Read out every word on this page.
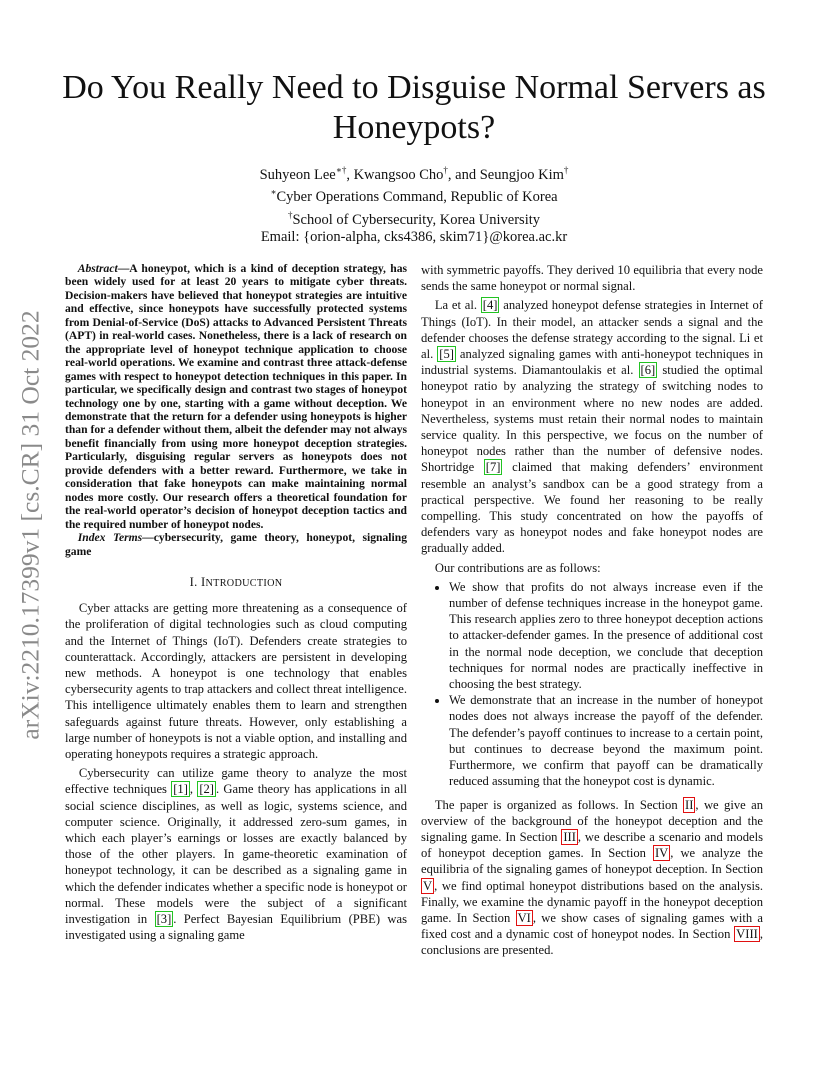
arXiv:2210.17399v1 [cs.CR] 31 Oct 2022
Do You Really Need to Disguise Normal Servers as Honeypots?
Suhyeon Lee∗†, Kwangsoo Cho†, and Seungjoo Kim†
∗Cyber Operations Command, Republic of Korea
†School of Cybersecurity, Korea University
Email: {orion-alpha, cks4386, skim71}@korea.ac.kr

Abstract—A honeypot, which is a kind of deception strategy, has been widely used for at least 20 years to mitigate cyber threats. Decision-makers have believed that honeypot strategies are intuitive and effective, since honeypots have successfully protected systems from Denial-of-Service (DoS) attacks to Advanced Persistent Threats (APT) in real-world cases. Nonetheless, there is a lack of research on the appropriate level of honeypot technique application to choose real-world operations. We examine and contrast three attack-defense games with respect to honeypot detection techniques in this paper. In particular, we specifically design and contrast two stages of honeypot technology one by one, starting with a game without deception. We demonstrate that the return for a defender using honeypots is higher than for a defender without them, albeit the defender may not always benefit financially from using more honeypot deception strategies. Particularly, disguising regular servers as honeypots does not provide defenders with a better reward. Furthermore, we take in consideration that fake honeypots can make maintaining normal nodes more costly. Our research offers a theoretical foundation for the real-world operator’s decision of honeypot deception tactics and the required number of honeypot nodes.

Index Terms—cybersecurity, game theory, honeypot, signaling game

I. INTRODUCTION

Cyber attacks are getting more threatening as a consequence of the proliferation of digital technologies such as cloud computing and the Internet of Things (IoT). Defenders create strategies to counterattack. Accordingly, attackers are persistent in developing new methods. A honeypot is one technology that enables cybersecurity agents to trap attackers and collect threat intelligence. This intelligence ultimately enables them to learn and strengthen safeguards against future threats. However, only establishing a large number of honeypots is not a viable option, and installing and operating honeypots requires a strategic approach.

Cybersecurity can utilize game theory to analyze the most effective techniques [1] , [2] . Game theory has applications in all social science disciplines, as well as logic, systems science, and computer science. Originally, it addressed zero-sum games, in which each player’s earnings or losses are exactly balanced by those of the other players. In game-theoretic examination of honeypot technology, it can be described as a signaling game in which the defender indicates whether a specific node is honeypot or normal. These models were the subject of a significant investigation in [3] . Perfect Bayesian Equilibrium (PBE) was investigated using a signaling game

with symmetric payoffs. They derived 10 equilibria that every node sends the same honeypot or normal signal.

La et al. [4] analyzed honeypot defense strategies in Internet of Things (IoT). In their model, an attacker sends a signal and the defender chooses the defense strategy according to the signal. Li et al. [5] analyzed signaling games with anti-honeypot techniques in industrial systems. Diamantoulakis et al. [6] studied the optimal honeypot ratio by analyzing the strategy of switching nodes to honeypot in an environment where no new nodes are added. Nevertheless, systems must retain their normal nodes to maintain service quality. In this perspective, we focus on the number of honeypot nodes rather than the number of defensive nodes. Shortridge [7] claimed that making defenders’ environment resemble an analyst’s sandbox can be a good strategy from a practical perspective. We found her reasoning to be really compelling. This study concentrated on how the payoffs of defenders vary as honeypot nodes and fake honeypot nodes are gradually added.

Our contributions are as follows:

• We show that profits do not always increase even if the number of defense techniques increase in the honeypot game. This research applies zero to three honeypot deception actions to attacker-defender games. In the presence of additional cost in the normal node deception, we conclude that deception techniques for normal nodes are practically ineffective in choosing the best strategy.
• We demonstrate that an increase in the number of honeypot nodes does not always increase the payoff of the defender. The defender’s payoff continues to increase to a certain point, but continues to decrease beyond the maximum point. Furthermore, we confirm that payoff can be dramatically reduced assuming that the honeypot cost is dynamic.

The paper is organized as follows. In Section II , we give an overview of the background of the honeypot deception and the signaling game. In Section III , we describe a scenario and models of honeypot deception games. In Section IV , we analyze the equilibria of the signaling games of honeypot deception. In Section V , we find optimal honeypot distributions based on the analysis. Finally, we examine the dynamic payoff in the honeypot deception game. In Section VI , we show cases of signaling games with a fixed cost and a dynamic cost of honeypot nodes. In Section VIII , conclusions are presented.
